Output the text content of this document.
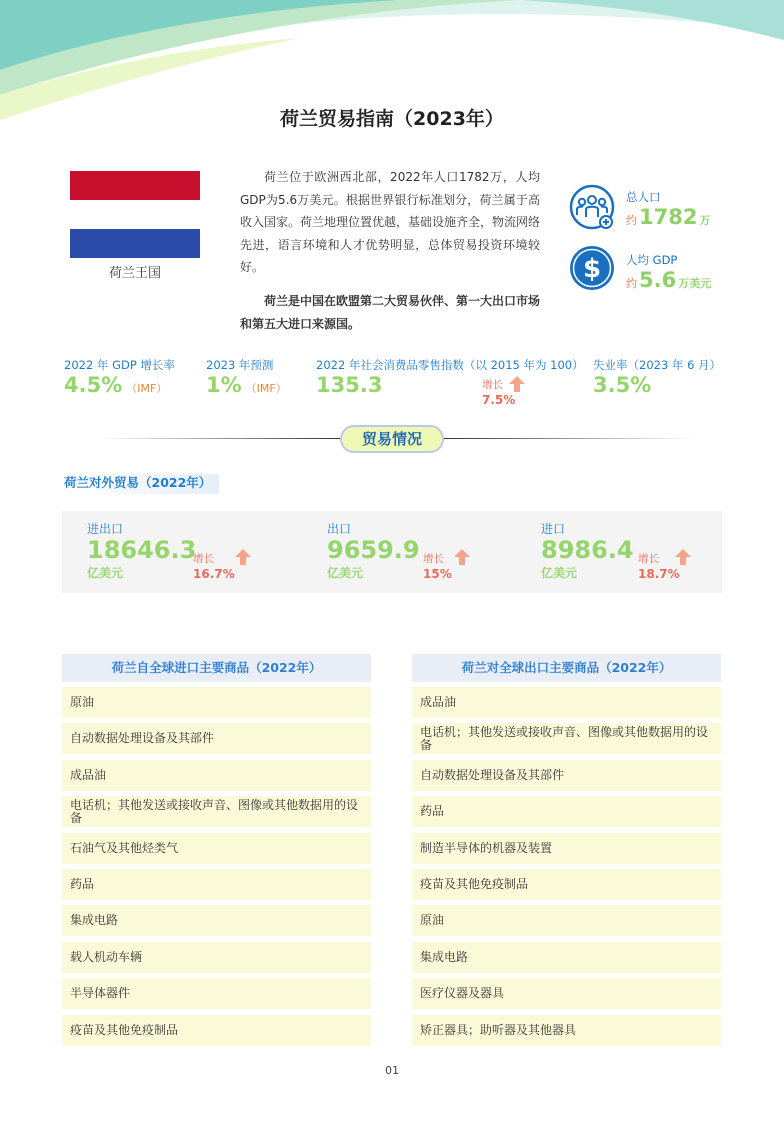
荷兰贸易指南（2023年）
荷兰王国
荷兰位于欧洲西北部，2022年人口1782万，人均GDP为5.6万美元。根据世界银行标准划分，荷兰属于高收入国家。荷兰地理位置优越，基础设施齐全，物流网络先进，语言环境和人才优势明显，总体贸易投资环境较好。
荷兰是中国在欧盟第二大贸易伙伴、第一大出口市场和第五大进口来源国。
总人口
约1782 万
$ 人均 GDP
约5.6 万美元
2022 年 GDP 增长率
4.5% （IMF）
2023 年预测
1% （IMF）
2022 年社会消费品零售指数（以 2015 年为 100）
135.3	增长
7.5%
失业率（2023 年 6 月）
3.5%
贸易情况
荷兰对外贸易（2022年）
进出口
18646.3
亿美元
增长
16.7%
出口
9659.9
亿美元
增长
15%
进口
8986.4
亿美元
增长
18.7%
荷兰自全球进口主要商品（2022年）
原油
自动数据处理设备及其部件
成品油
电话机；其他发送或接收声音、图像或其他数据用的设备
石油气及其他烃类气
药品
集成电路
载人机动车辆
半导体器件
疫苗及其他免疫制品
荷兰对全球出口主要商品（2022年）
成品油
电话机；其他发送或接收声音、图像或其他数据用的设备
自动数据处理设备及其部件
药品
制造半导体的机器及装置
疫苗及其他免疫制品
原油
集成电路
医疗仪器及器具
矫正器具；助听器及其他器具
01
